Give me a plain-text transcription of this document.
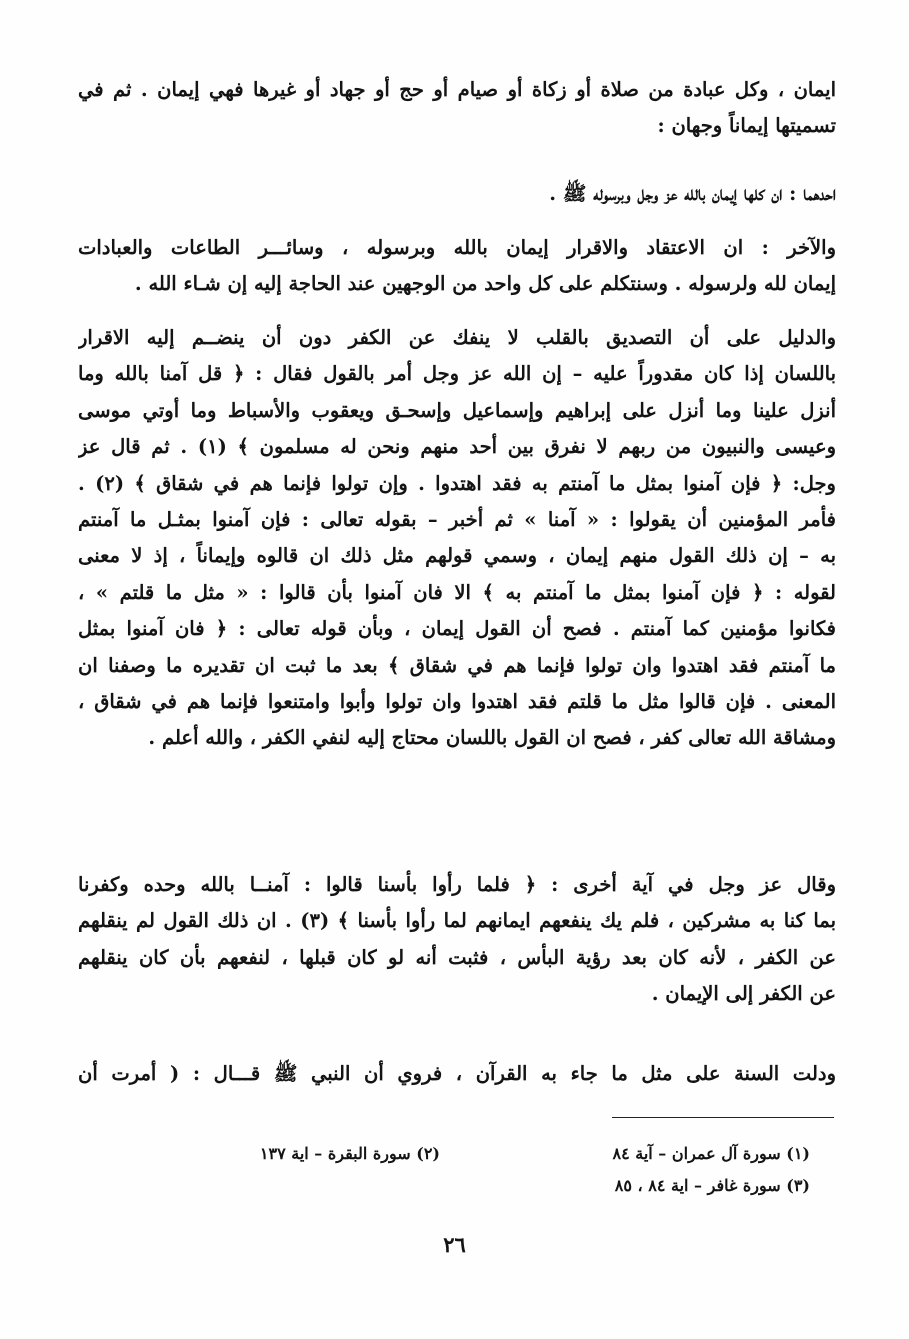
ايمان ، وكل عبادة من صلاة أو زكاة أو صيام أو حج أو جهاد أو غيرها فهي إيمان . ثم في
تسميتها إيماناً وجهان :
احدهما : ان كلها إيمان بالله عز وجل وبرسوله ﷺ .
والآخر : ان الاعتقاد والاقرار إيمان بالله وبرسوله ، وسائـــر الطاعات والعبادات
إيمان لله ولرسوله . وسنتكلم على كل واحد من الوجهين عند الحاجة إليه إن شـاء الله .
والدليل على أن التصديق بالقلب لا ينفك عن الكفر دون أن ينضــم إليه الاقرار
باللسان إذا كان مقدوراً عليه – إن الله عز وجل أمر بالقول فقال : ﴿ قل آمنا بالله وما
أنزل علينا وما أنزل على إبراهيم وإسماعيل وإسحـق ويعقوب والأسباط وما أوتي موسى
وعيسى والنبيون من ربهم لا نفرق بين أحد منهم ونحن له مسلمون ﴾ (١) . ثم قال عز
وجل: ﴿ فإن آمنوا بمثل ما آمنتم به فقد اهتدوا . وإن تولوا فإنما هم في شقاق ﴾ (٢) .
فأمر المؤمنين أن يقولوا : « آمنا » ثم أخبر – بقوله تعالى : فإن آمنوا بمثـل ما آمنتم
به – إن ذلك القول منهم إيمان ، وسمي قولهم مثل ذلك ان قالوه وإيماناً ، إذ لا معنى
لقوله : ﴿ فإن آمنوا بمثل ما آمنتم به ﴾ الا فان آمنوا بأن قالوا : « مثل ما قلتم » ،
فكانوا مؤمنين كما آمنتم . فصح أن القول إيمان ، وبأن قوله تعالى : ﴿ فان آمنوا بمثل
ما آمنتم فقد اهتدوا وان تولوا فإنما هم في شقاق ﴾ بعد ما ثبت ان تقديره ما وصفنا ان
المعنى . فإن قالوا مثل ما قلتم فقد اهتدوا وان تولوا وأبوا وامتنعوا فإنما هم في شقاق ،
ومشاقة الله تعالى كفر ، فصح ان القول باللسان محتاج إليه لنفي الكفر ، والله أعلم .
وقال عز وجل في آية أخرى : ﴿ فلما رأوا بأسنا قالوا : آمنــا بالله وحده وكفرنا
بما كنا به مشركين ، فلم يك ينفعهم ايمانهم لما رأوا بأسنا ﴾ (٣) . ان ذلك القول لم ينقلهم
عن الكفر ، لأنه كان بعد رؤية البأس ، فثبت أنه لو كان قبلها ، لنفعهم بأن كان ينقلهم
عن الكفر إلى الإيمان .
ودلت السنة على مثل ما جاء به القرآن ، فروي أن النبي ﷺ قـــال : ( أمرت أن
(١) سورة آل عمران – آية ٨٤
(٢) سورة البقرة – اية ١٣٧
(٣) سورة غافر – اية ٨٤ ، ٨٥
٢٦
